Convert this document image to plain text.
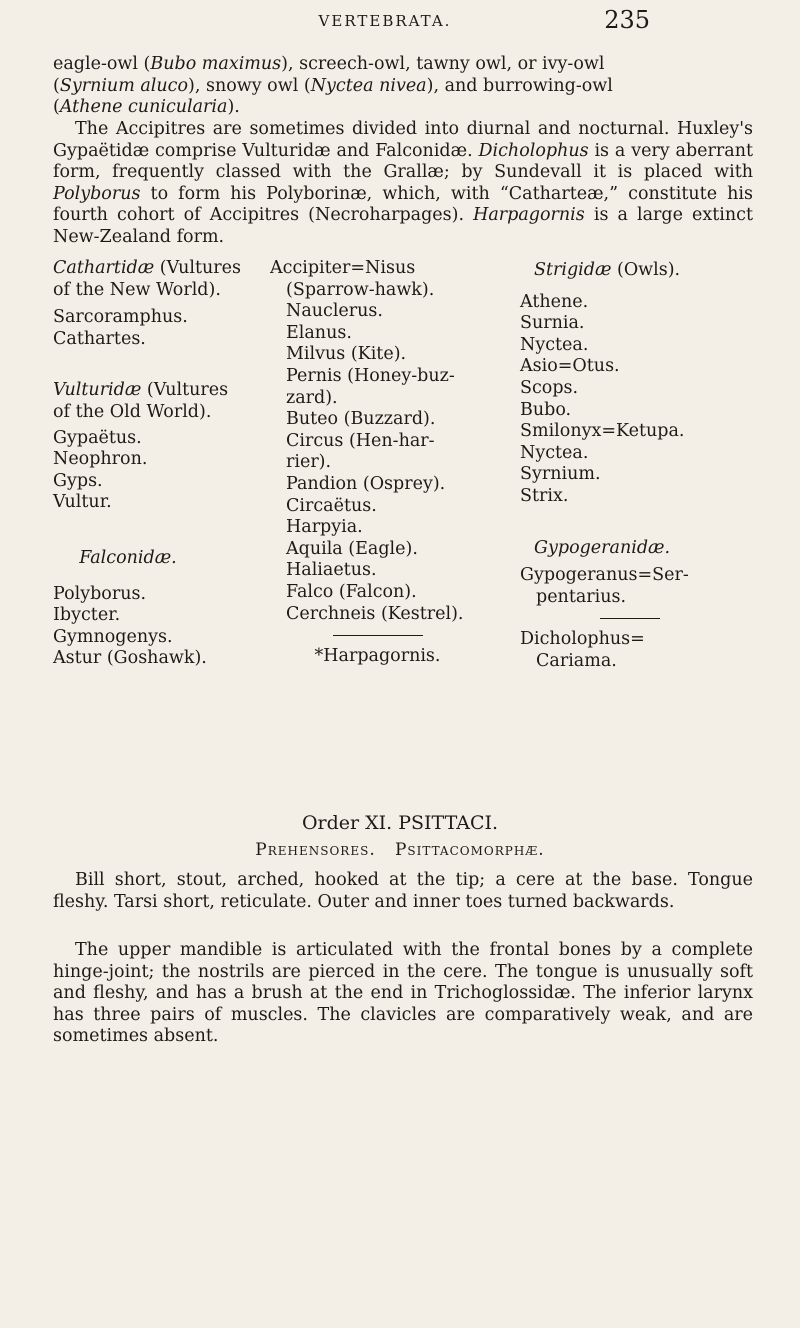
VERTEBRATA.	235
eagle-owl (Bubo maximus), screech-owl, tawny owl, or ivy-owl
(Syrnium aluco), snowy owl (Nyctea nivea), and burrowing-owl
(Athene cunicularia).
The Accipitres are sometimes divided into diurnal and nocturnal. Huxley's Gypaëtidæ comprise Vulturidæ and Falconidæ. Dicholophus is a very aberrant form, frequently classed with the Grallæ; by Sundevall it is placed with Polyborus to form his Polyborinæ, which, with “Catharteæ,” constitute his fourth cohort of Accipitres (Necroharpages). Harpagornis is a large extinct New-Zealand form.
Cathartidæ (Vultures
of the New World).
Sarcoramphus.
Cathartes.
Vulturidæ (Vultures
of the Old World).
Gypaëtus.
Neophron.
Gyps.
Vultur.
Falconidæ.
Polyborus.
Ibycter.
Gymnogenys.
Astur (Goshawk).
Accipiter=Nisus
(Sparrow-hawk).
Nauclerus.
Elanus.
Milvus (Kite).
Pernis (Honey-buz-
zard).
Buteo (Buzzard).
Circus (Hen-har-
rier).
Pandion (Osprey).
Circaëtus.
Harpyia.
Aquila (Eagle).
Haliaetus.
Falco (Falcon).
Cerchneis (Kestrel).
*Harpagornis.
Strigidæ (Owls).
Athene.
Surnia.
Nyctea.
Asio=Otus.
Scops.
Bubo.
Smilonyx=Ketupa.
Nyctea.
Syrnium.
Strix.
Gypogeranidæ.
Gypogeranus=Ser-
pentarius.
Dicholophus=
Cariama.
Order XI. PSITTACI.
Prehensores. Psittacomorphæ.
Bill short, stout, arched, hooked at the tip; a cere at the base. Tongue fleshy. Tarsi short, reticulate. Outer and inner toes turned backwards.
The upper mandible is articulated with the frontal bones by a complete hinge-joint; the nostrils are pierced in the cere. The tongue is unusually soft and fleshy, and has a brush at the end in Trichoglossidæ. The inferior larynx has three pairs of muscles. The clavicles are comparatively weak, and are sometimes absent.
